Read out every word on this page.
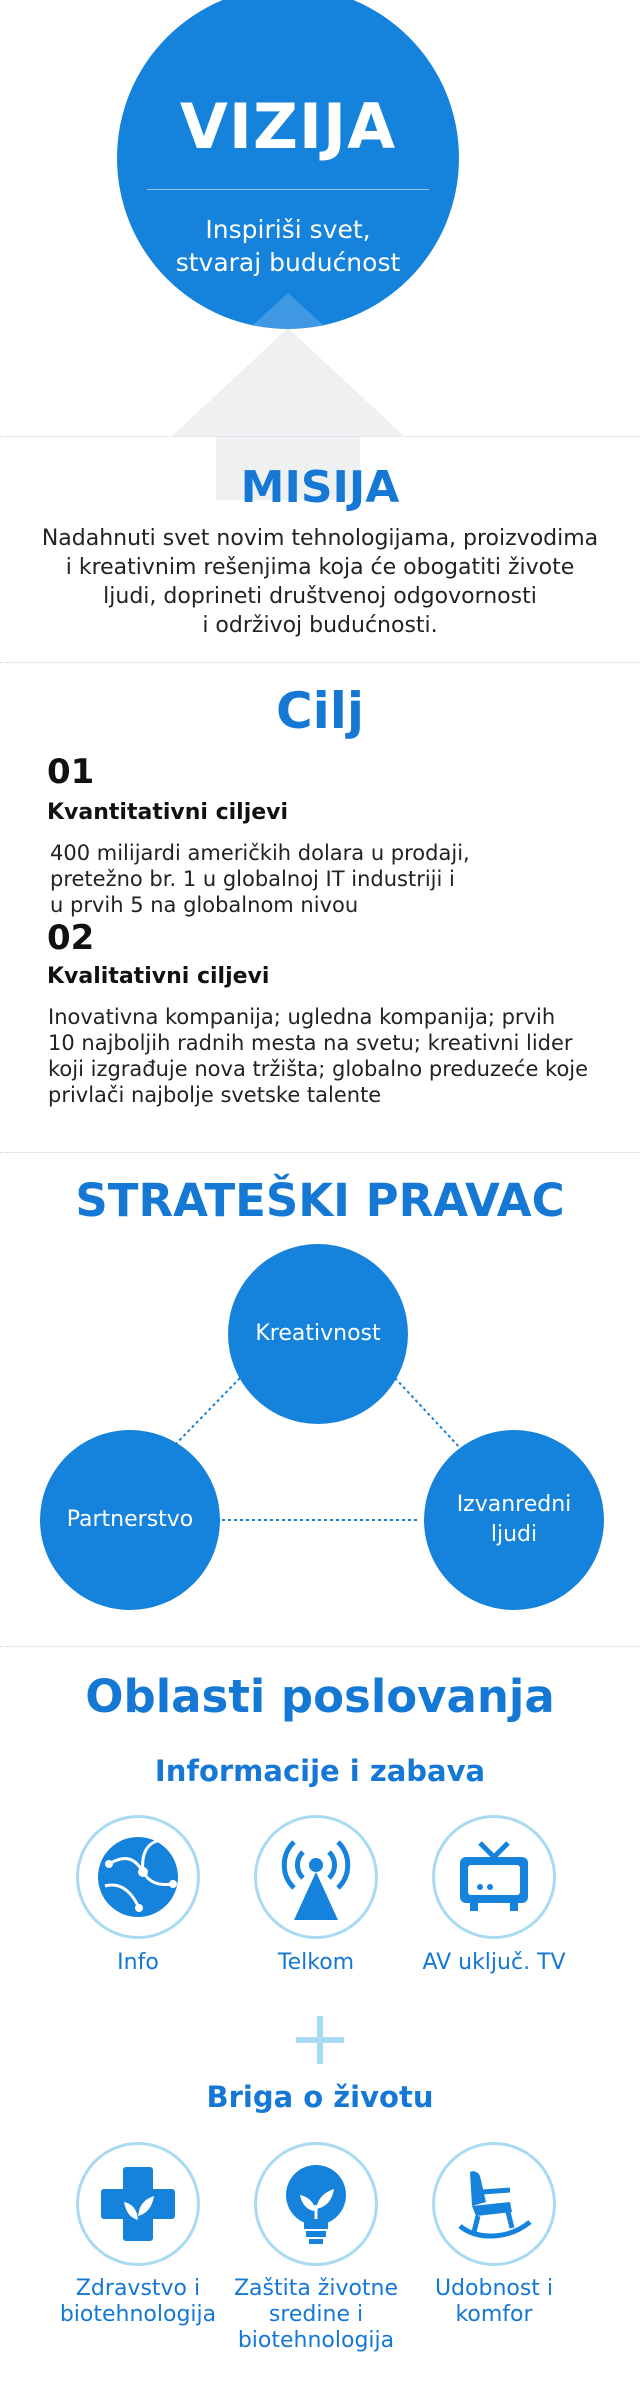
VIZIJA
Inspiriši svet,
stvaraj budućnost
MISIJA
Nadahnuti svet novim tehnologijama, proizvodima
i kreativnim rešenjima koja će obogatiti živote
ljudi, doprineti društvenoj odgovornosti
i održivoj budućnosti.
Cilj
01
Kvantitativni ciljevi
400 milijardi američkih dolara u prodaji,
pretežno br. 1 u globalnoj IT industriji i
u prvih 5 na globalnom nivou
02
Kvalitativni ciljevi
Inovativna kompanija; ugledna kompanija; prvih
10 najboljih radnih mesta na svetu; kreativni lider
koji izgrađuje nova tržišta; globalno preduzeće koje
privlači najbolje svetske talente
STRATEŠKI PRAVAC
Kreativnost
Partnerstvo
Izvanredni
ljudi
Oblasti poslovanja
Informacije i zabava
Info	Telkom	AV uključ. TV
Briga o životu
Zdravstvo i
biotehnologija
Zaštita životne
sredine i
biotehnologija
Udobnost i
komfor
